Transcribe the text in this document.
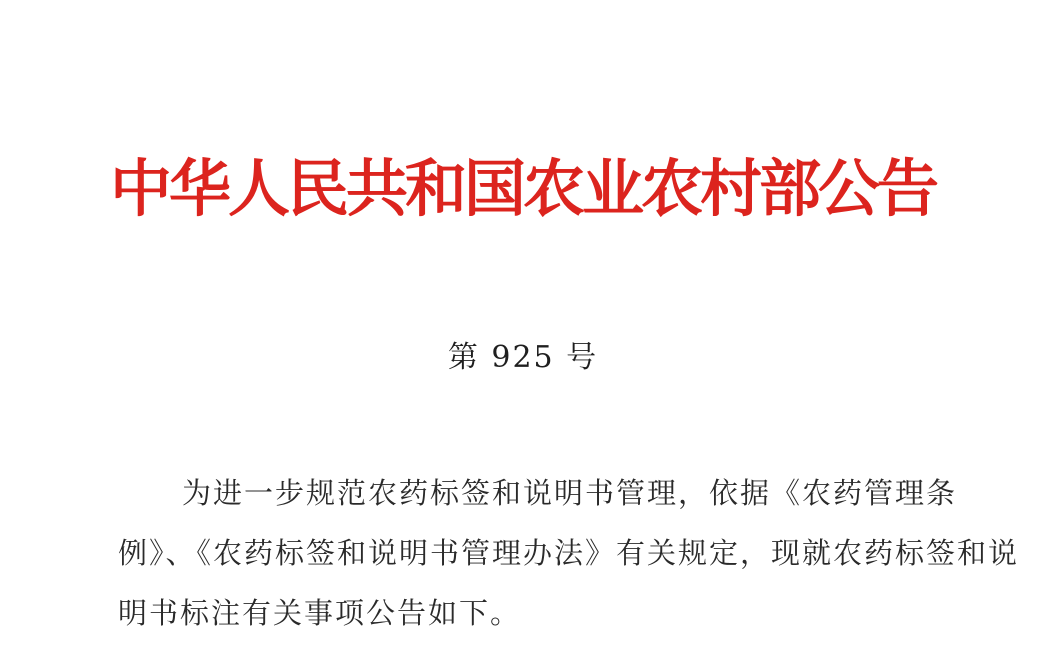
中华人民共和国农业农村部公告
第 925 号
为进一步规范农药标签和说明书管理，依据《农药管理条
例》、《农药标签和说明书管理办法》有关规定，现就农药标签和说
明书标注有关事项公告如下。
